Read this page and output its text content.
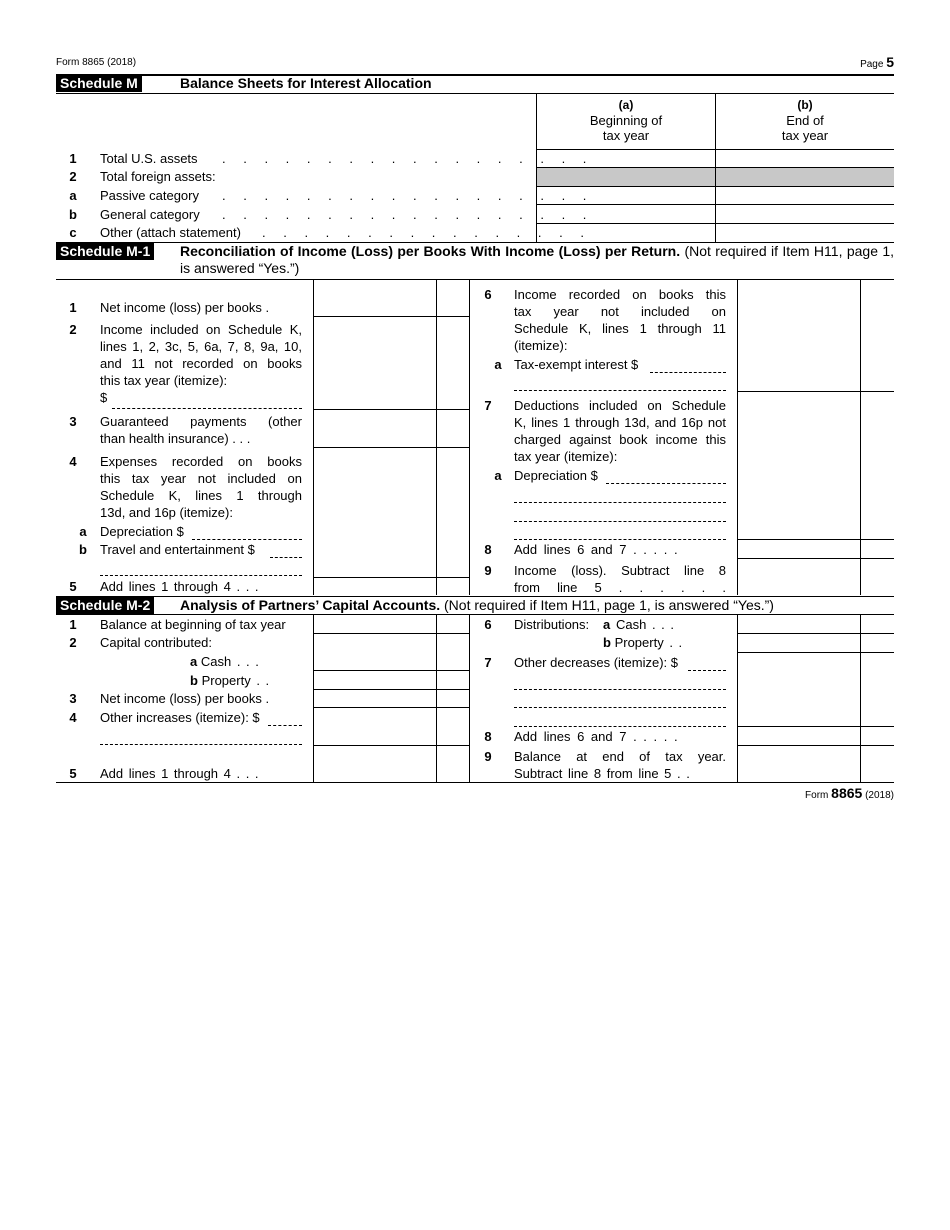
Form 8865 (2018)	Page 5
Schedule M	Balance Sheets for Interest Allocation
(a)
Beginning of
tax year
(b)
End of
tax year
1	Total U.S. assets . . . . . . . . . . . . . . . . . .
2	Total foreign assets:
a	Passive category . . . . . . . . . . . . . . . . . .
b	General category . . . . . . . . . . . . . . . . . .
c	Other (attach statement) . . . . . . . . . . . . . . . .
Schedule M-1 Reconciliation of Income (Loss) per Books With Income (Loss) per Return. (Not required if Item H11, page 1, is answered “Yes.”)
1	Net income (loss) per books .
2	Income included on Schedule K,
lines 1, 2, 3c, 5, 6a, 7, 8, 9a, 10,
and 11 not recorded on books
this tax year (itemize):
$
3	Guaranteed payments (other
than health insurance) . . .
4	Expenses recorded on books
this tax year not included on
Schedule K, lines 1 through
13d, and 16p (itemize):
a	Depreciation $
b	Travel and entertainment $
5	Add lines 1 through 4 . . .
6	Income recorded on books this
tax year not included on
Schedule K, lines 1 through 11
(itemize):
a Tax-exempt interest $
7	Deductions included on Schedule
K, lines 1 through 13d, and 16p not
charged against book income this
tax year (itemize):
a Depreciation $
8	Add lines 6 and 7 . . . . .
9	Income (loss). Subtract line 8
from line 5 . . . . . .
Schedule M-2 Analysis of Partners’ Capital Accounts. (Not required if Item H11, page 1, is answered “Yes.”)
1	Balance at beginning of tax year
2	Capital contributed:
a Cash . . .
b Property . .
3	Net income (loss) per books .
4	Other increases (itemize): $
5	Add lines 1 through 4 . . .
6	Distributions: a Cash . . .
b Property . .
7	Other decreases (itemize): $
8	Add lines 6 and 7 . . . . .
9	Balance at end of tax year.
Subtract line 8 from line 5 . .
Form 8865 (2018)
